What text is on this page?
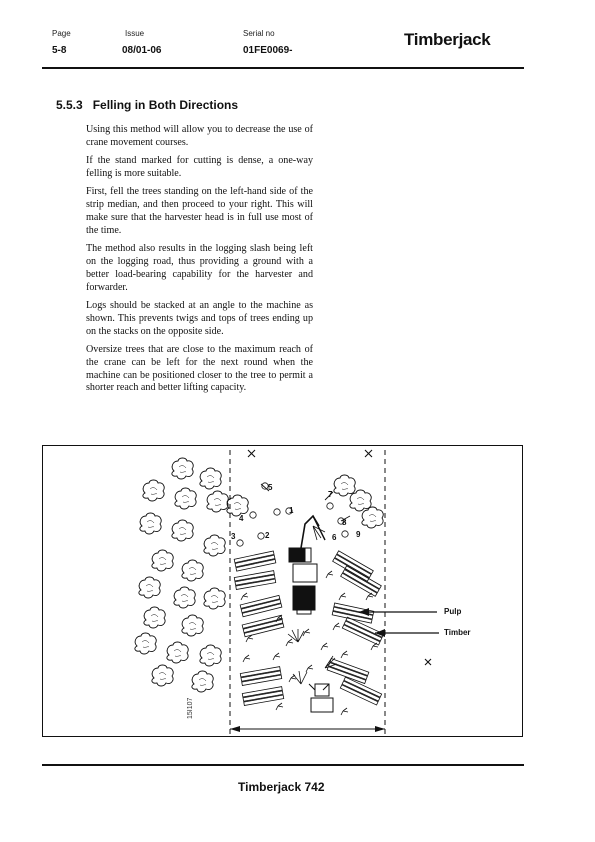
Page
5-8
Issue
08/01-06
Serial no
01FE0069-
Timberjack
5.5.3 Felling in Both Directions

Using this method will allow you to decrease the use of crane movement courses.

If the stand marked for cutting is dense, a one-way felling is more suitable.

First, fell the trees standing on the left-hand side of the strip median, and then proceed to your right. This will make sure that the harvester head is in full use most of the time.

The method also results in the logging slash being left on the logging road, thus providing a ground with a better load-bearing capability for the harvester and forwarder.

Logs should be stacked at an angle to the machine as shown. This prevents twigs and tops of trees ending up on the stacks on the opposite side.

Oversize trees that are close to the maximum reach of the crane can be left for the next round when the machine can be positioned closer to the tree to permit a shorter reach and better lifting capacity.

1
2
3
4
5
6
7
8
9
Pulp
Timber
15I107
Timberjack 742
